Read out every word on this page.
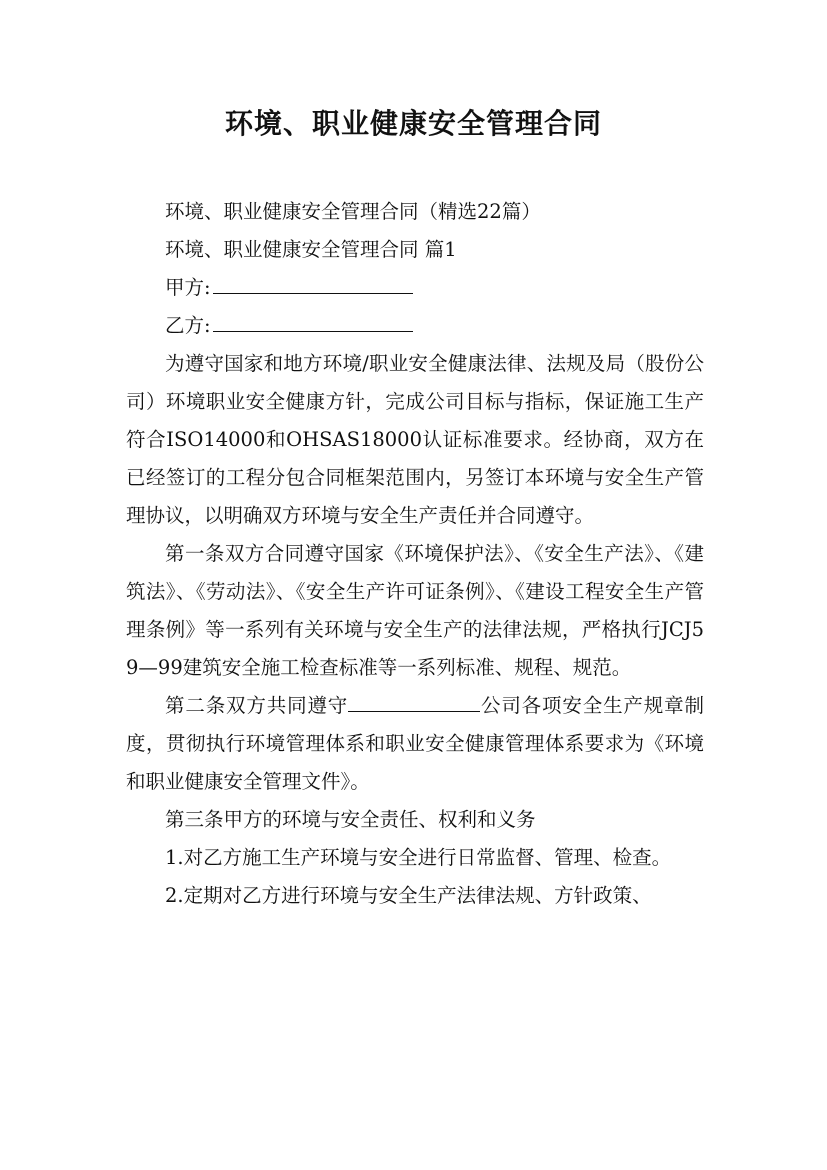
环境、职业健康安全管理合同

环境、职业健康安全管理合同（精选22篇）

环境、职业健康安全管理合同 篇1

甲方:

乙方:

为遵守国家和地方环境/职业安全健康法律、法规及局（股份公司）环境职业安全健康方针，完成公司目标与指标，保证施工生产符合ISO14000和OHSAS18000认证标准要求。经协商，双方在已经签订的工程分包合同框架范围内，另签订本环境与安全生产管理协议，以明确双方环境与安全生产责任并合同遵守。

第一条双方合同遵守国家《环境保护法》、《安全生产法》、《建筑法》、《劳动法》、《安全生产许可证条例》、《建设工程安全生产管理条例》等一系列有关环境与安全生产的法律法规，严格执行JCJ59—99建筑安全施工检查标准等一系列标准、规程、规范。

第二条双方共同遵守	公司各项安全生产规章制度，贯彻执行环境管理体系和职业安全健康管理体系要求为《环境和职业健康安全管理文件》。

第三条甲方的环境与安全责任、权利和义务

1.对乙方施工生产环境与安全进行日常监督、管理、检查。

2.定期对乙方进行环境与安全生产法律法规、方针政策、
